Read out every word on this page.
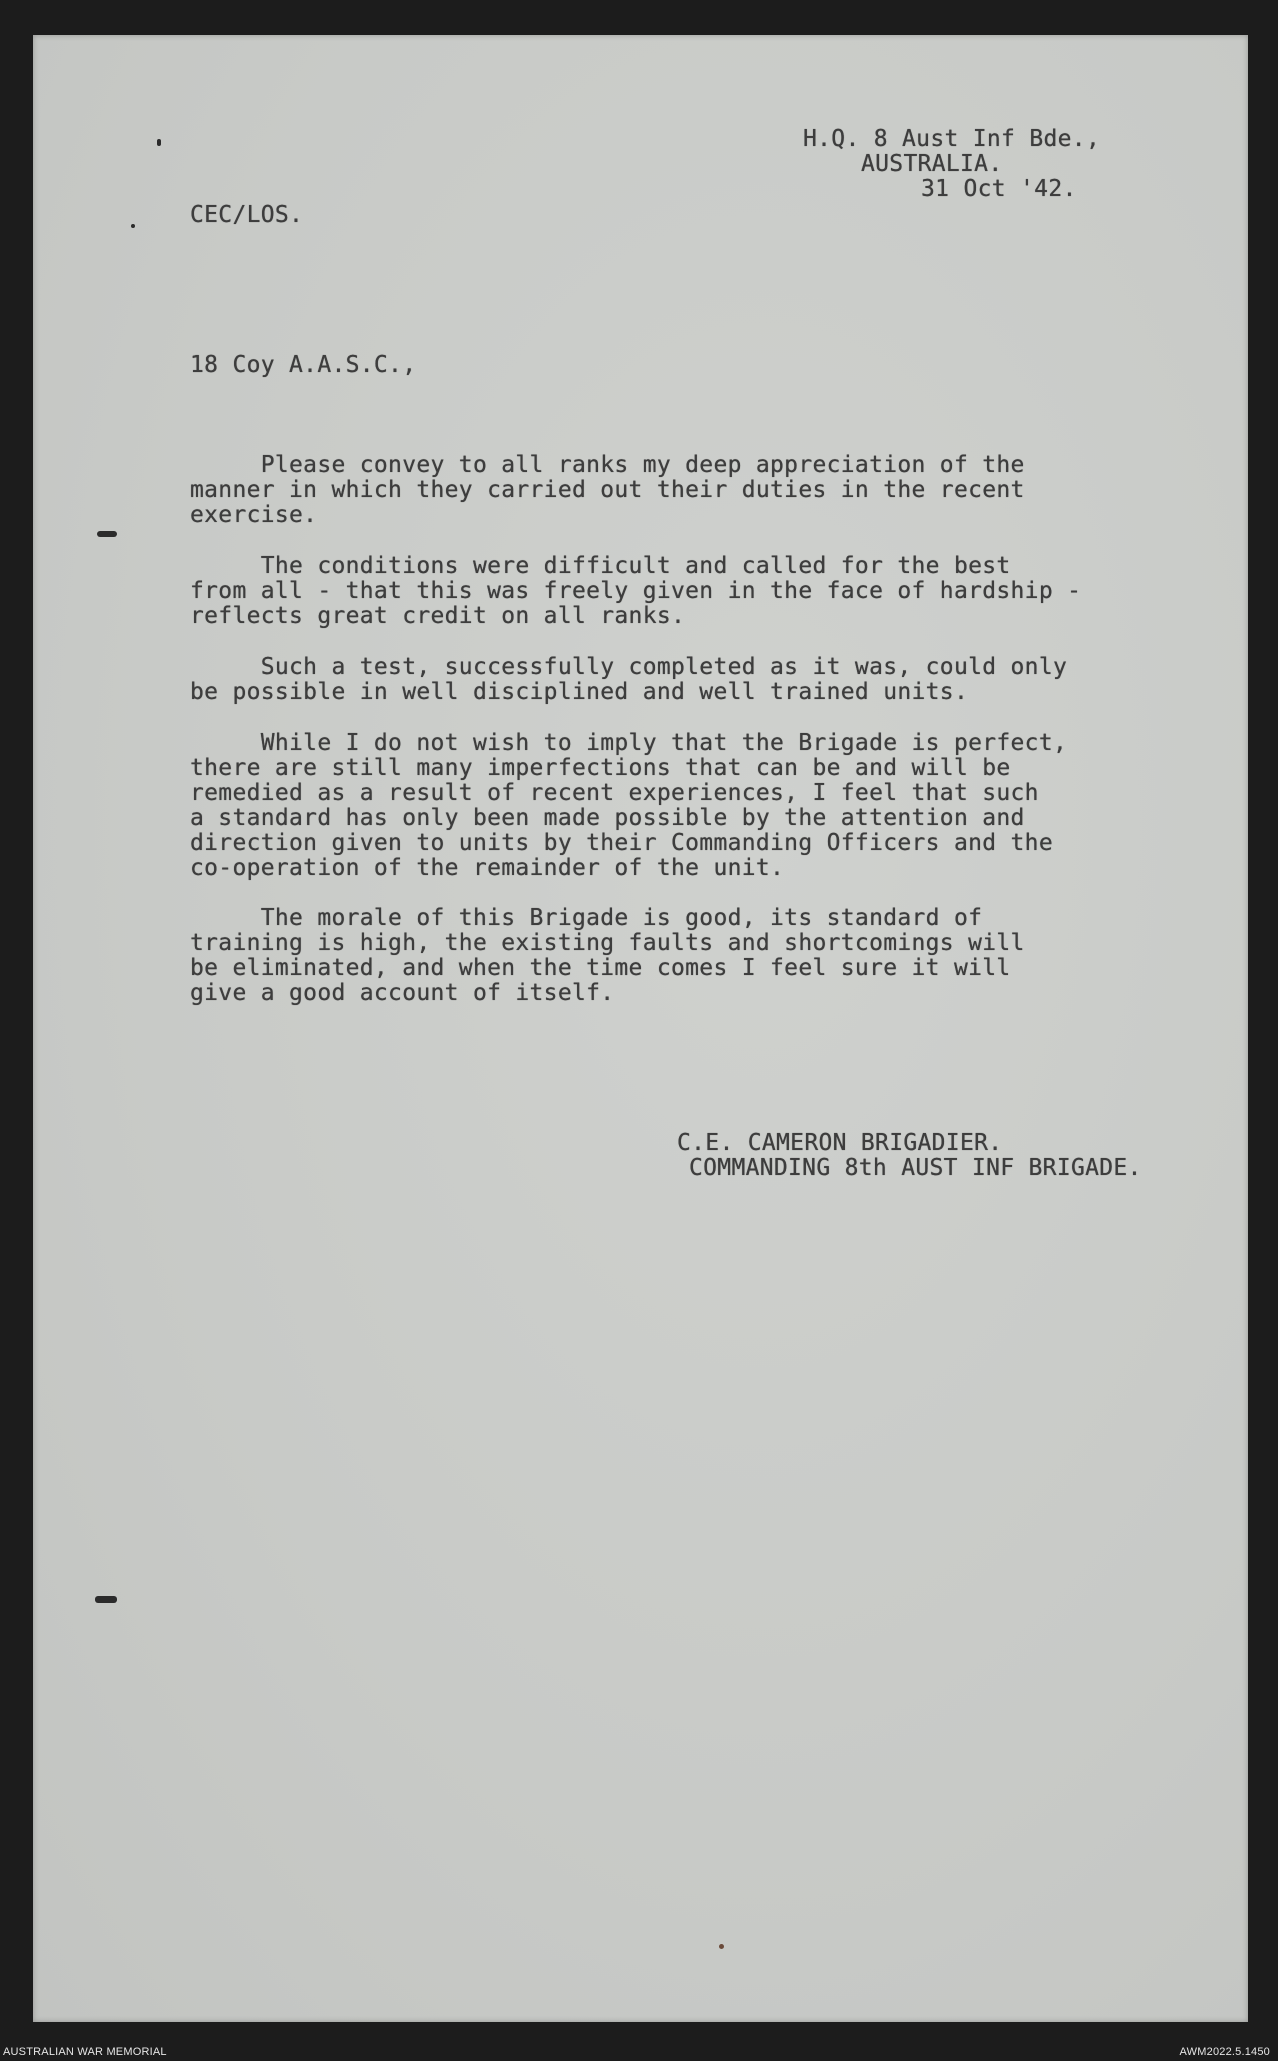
H.Q. 8 Aust Inf Bde.,
AUSTRALIA.
31 Oct '42.
CEC/LOS.
18 Coy A.A.S.C.,
Please convey to all ranks my deep appreciation of the
manner in which they carried out their duties in the recent
exercise.
The conditions were difficult and called for the best
from all - that this was freely given in the face of hardship -
reflects great credit on all ranks.
Such a test, successfully completed as it was, could only
be possible in well disciplined and well trained units.
While I do not wish to imply that the Brigade is perfect,
there are still many imperfections that can be and will be
remedied as a result of recent experiences, I feel that such
a standard has only been made possible by the attention and
direction given to units by their Commanding Officers and the
co-operation of the remainder of the unit.
The morale of this Brigade is good, its standard of
training is high, the existing faults and shortcomings will
be eliminated, and when the time comes I feel sure it will
give a good account of itself.
C.E. CAMERON BRIGADIER.
COMMANDING 8th AUST INF BRIGADE.
AUSTRALIAN WAR MEMORIAL	AWM2022.5.1450
